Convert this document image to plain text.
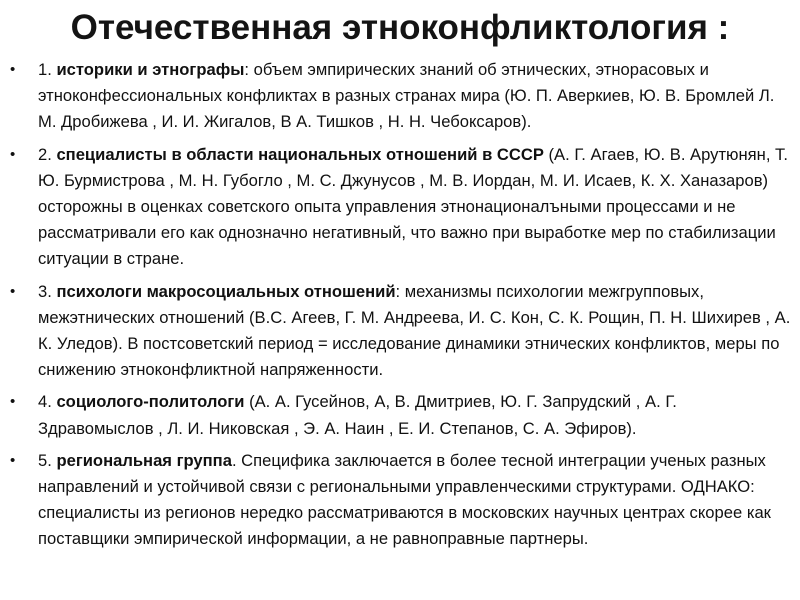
Отечественная этноконфликтология :
•	1. историки и этнографы: объем эмпирических знаний об этнических, этнорасовых и этноконфессиональных конфликтах в разных странах мира (Ю. П. Аверкиев, Ю. В. Бромлей Л. М. Дробижева , И. И. Жигалов, В А. Тишков , Н. Н. Чебоксаров).
•	2. специалисты в области национальных отношений в СССР (А. Г. Агаев, Ю. В. Арутюнян, Т. Ю. Бурмистрова , М. Н. Губогло , М. С. Джунусов , М. В. Иордан, М. И. Исаев, К. Х. Ханазаров) осторожны в оценках советского опыта управления этнонационалъными процессами и не рассматривали его как однозначно негативный, что важно при выработке мер по стабилизации ситуации в стране.
•	3. психологи макросоциальных отношений: механизмы психологии межгрупповых, межэтнических отношений (В.С. Агеев, Г. М. Андреева, И. С. Кон, С. К. Рощин, П. Н. Шихирев , А. К. Уледов). В постсоветский период = исследование динамики этнических конфликтов, меры по снижению этноконфликтной напряженности.
•	4. социолого-политологи (А. А. Гусейнов, А, В. Дмитриев, Ю. Г. Запрудский , А. Г. Здравомыслов , Л. И. Никовская , Э. А. Наин , Е. И. Степанов, С. А. Эфиров).
•	5. региональная группа. Специфика заключается в более тесной интеграции ученых разных направлений и устойчивой связи с региональными управленческими структурами. ОДНАКО: специалисты из регионов нередко рассматриваются в московских научных центрах скорее как поставщики эмпирической информации, а не равноправные партнеры.
